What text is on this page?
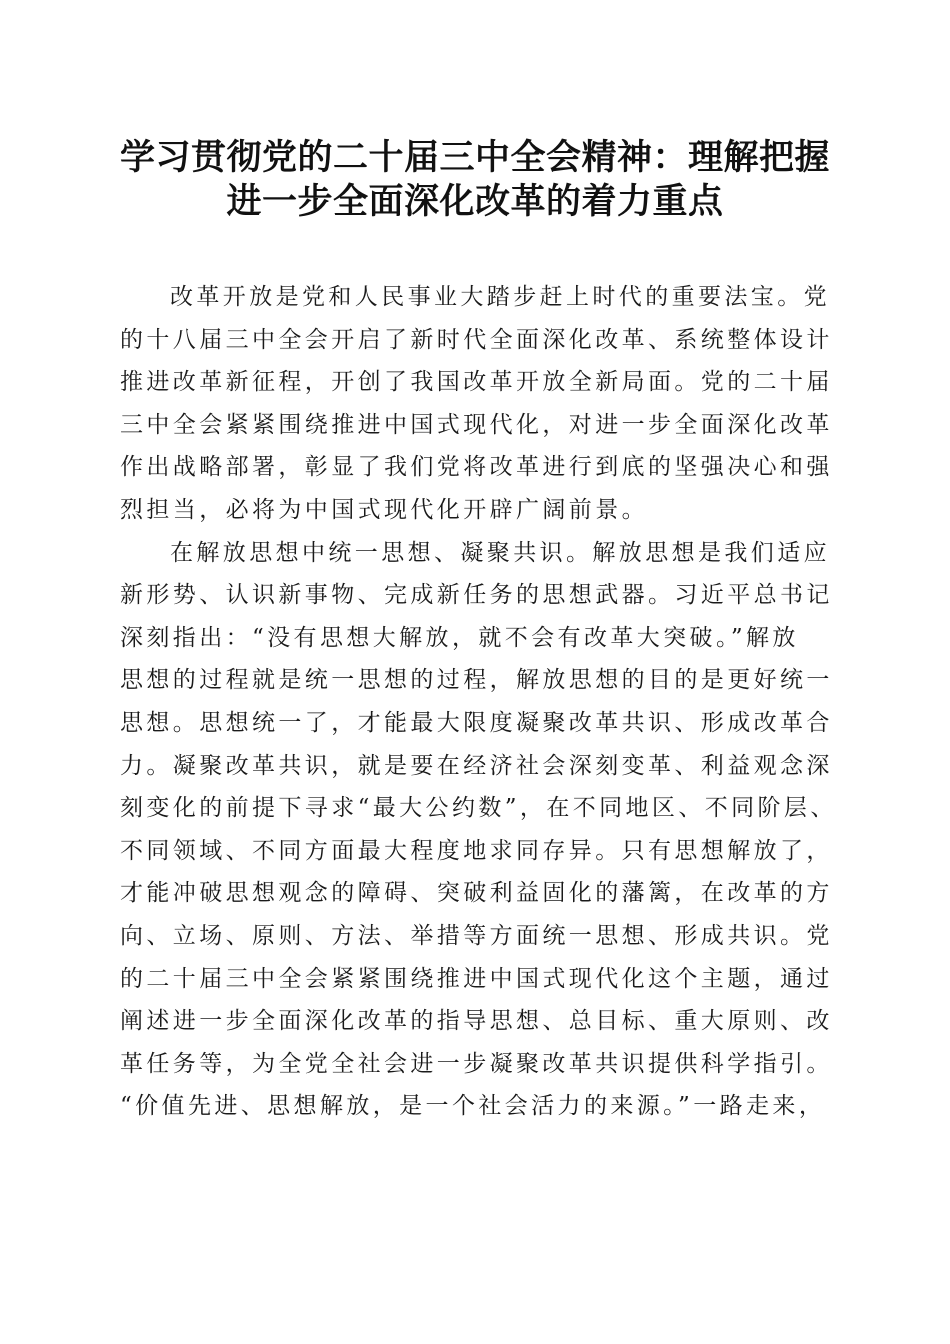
学习贯彻党的二十届三中全会精神：理解把握
进一步全面深化改革的着力重点
改革开放是党和人民事业大踏步赶上时代的重要法宝。党
的十八届三中全会开启了新时代全面深化改革、系统整体设计
推进改革新征程，开创了我国改革开放全新局面。党的二十届
三中全会紧紧围绕推进中国式现代化，对进一步全面深化改革
作出战略部署，彰显了我们党将改革进行到底的坚强决心和强
烈担当，必将为中国式现代化开辟广阔前景。
在解放思想中统一思想、凝聚共识。解放思想是我们适应
新形势、认识新事物、完成新任务的思想武器。习近平总书记
深刻指出：“没有思想大解放，就不会有改革大突破。”解放
思想的过程就是统一思想的过程，解放思想的目的是更好统一
思想。思想统一了，才能最大限度凝聚改革共识、形成改革合
力。凝聚改革共识，就是要在经济社会深刻变革、利益观念深
刻变化的前提下寻求“最大公约数”，在不同地区、不同阶层、
不同领域、不同方面最大程度地求同存异。只有思想解放了，
才能冲破思想观念的障碍、突破利益固化的藩篱，在改革的方
向、立场、原则、方法、举措等方面统一思想、形成共识。党
的二十届三中全会紧紧围绕推进中国式现代化这个主题，通过
阐述进一步全面深化改革的指导思想、总目标、重大原则、改
革任务等，为全党全社会进一步凝聚改革共识提供科学指引。
“价值先进、思想解放，是一个社会活力的来源。”一路走来，
